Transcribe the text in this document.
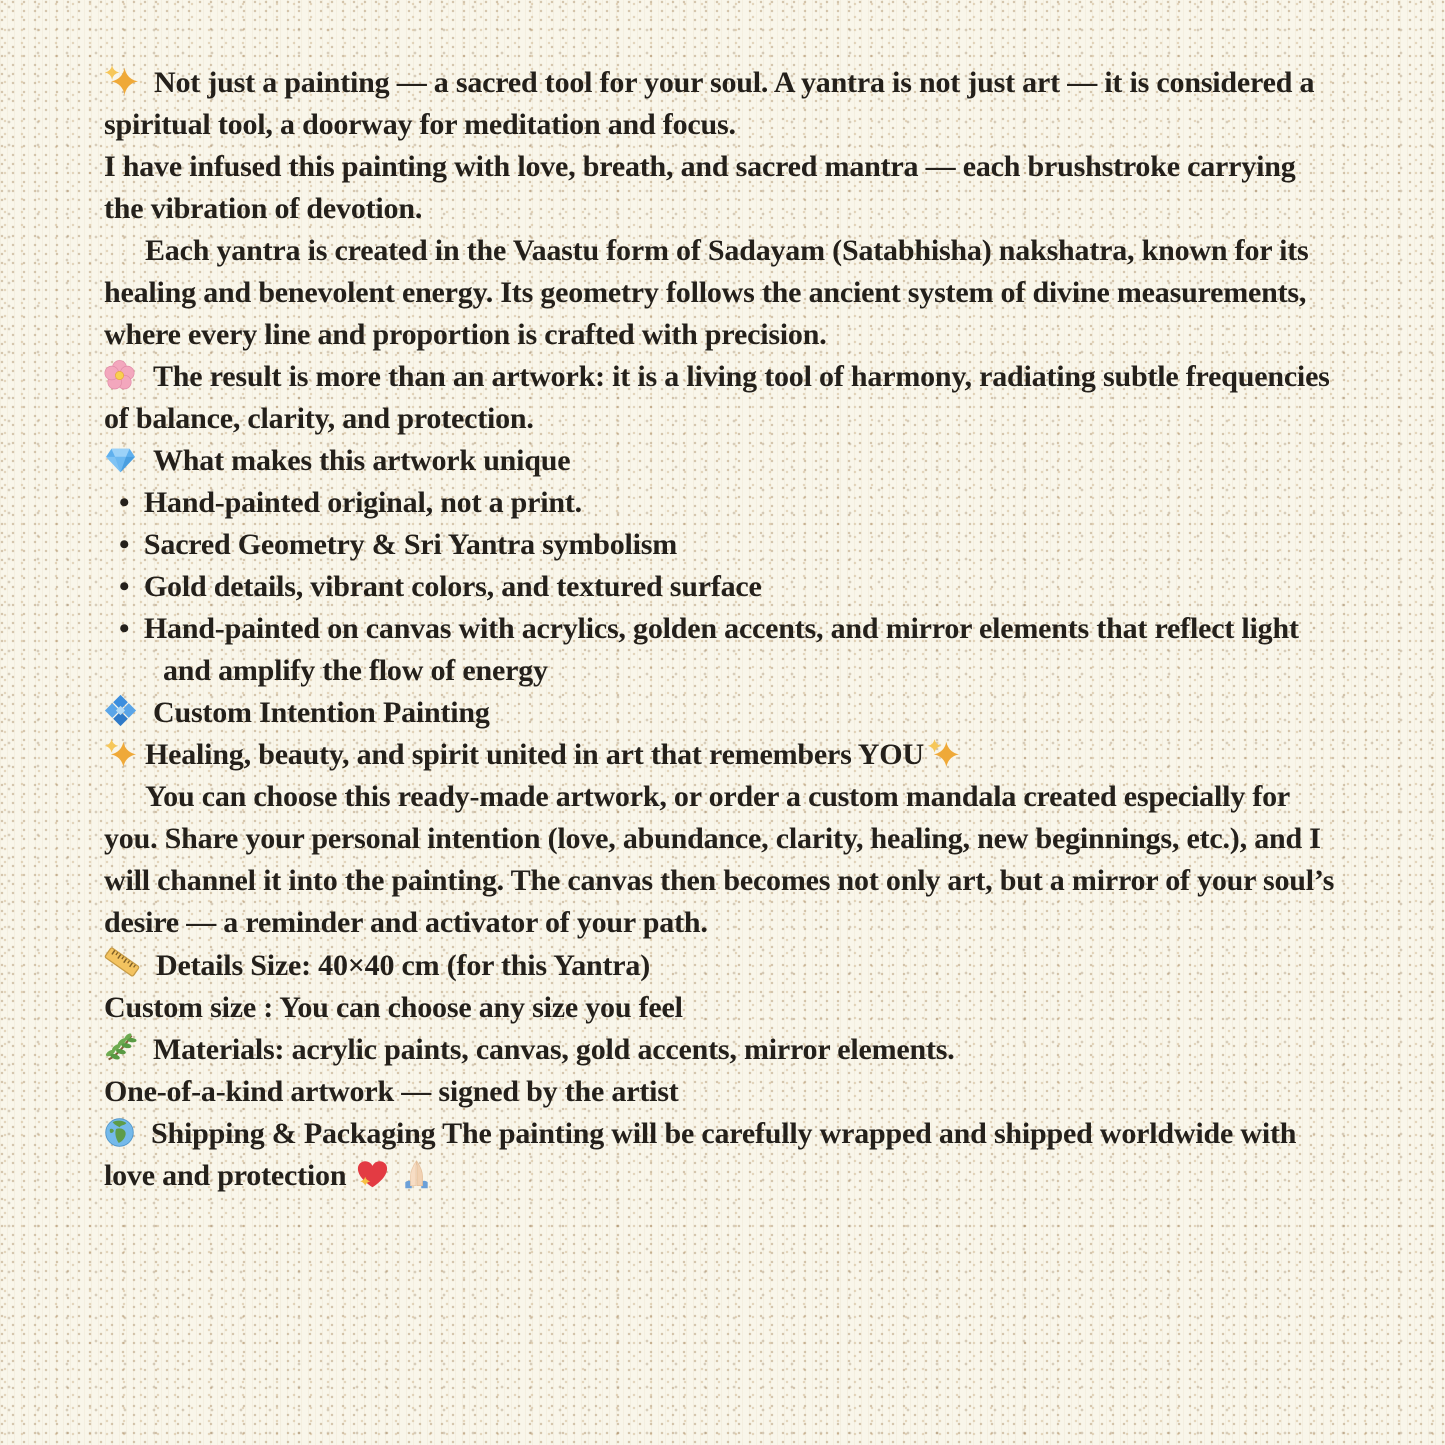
Not just a painting — a sacred tool for your soul. A yantra is not just art — it is considered a spiritual tool, a doorway for meditation and focus.

I have infused this painting with love, breath, and sacred mantra — each brushstroke carrying the vibration of devotion.

Each yantra is created in the Vaastu form of Sadayam (Satabhisha) nakshatra, known for its healing and benevolent energy. Its geometry follows the ancient system of divine measurements, where every line and proportion is crafted with precision.

The result is more than an artwork: it is a living tool of harmony, radiating subtle frequencies of balance, clarity, and protection.

What makes this artwork unique

•  Hand-painted original, not a print.
•  Sacred Geometry & Sri Yantra symbolism
•  Gold details, vibrant colors, and textured surface
•  Hand-painted on canvas with acrylics, golden accents, and mirror elements that reflect light and amplify the flow of energy

Custom Intention Painting

Healing, beauty, and spirit united in art that remembers YOU

You can choose this ready-made artwork, or order a custom mandala created especially for you. Share your personal intention (love, abundance, clarity, healing, new beginnings, etc.), and I will channel it into the painting. The canvas then becomes not only art, but a mirror of your soul’s desire — a reminder and activator of your path.

Details Size: 40×40 cm (for this Yantra)

Custom size : You can choose any size you feel

Materials: acrylic paints, canvas, gold accents, mirror elements.

One-of-a-kind artwork — signed by the artist

Shipping & Packaging The painting will be carefully wrapped and shipped worldwide with love and protection
